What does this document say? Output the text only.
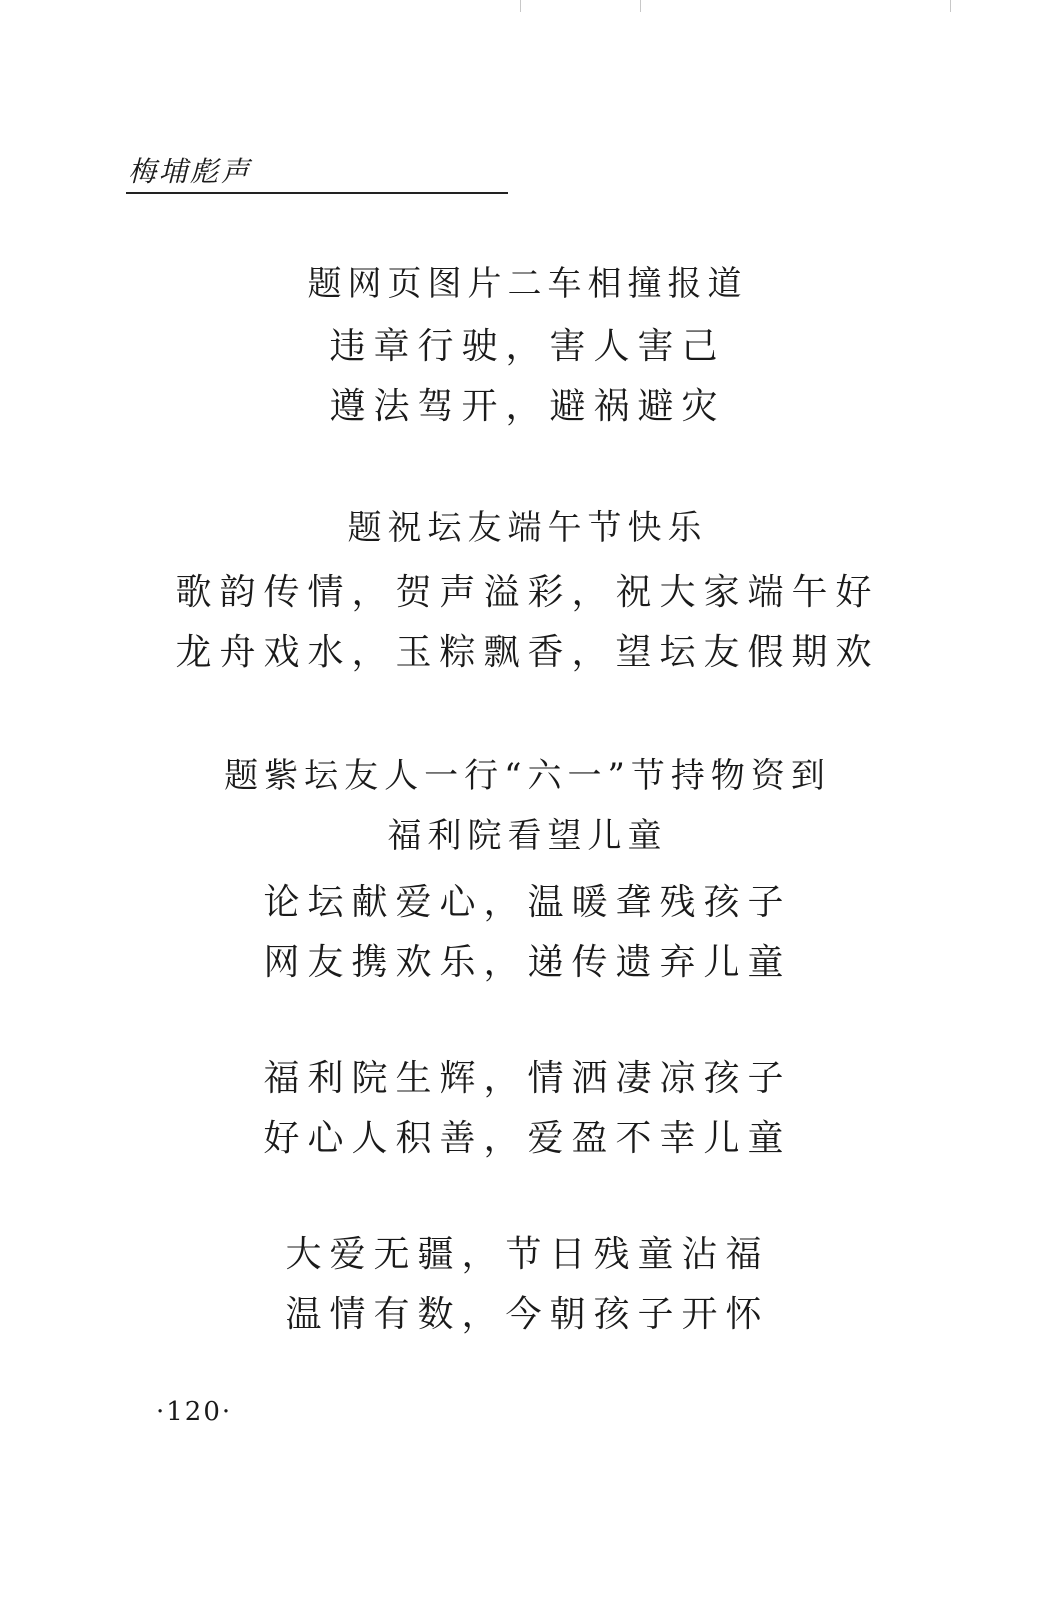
梅埔彪声
题网页图片二车相撞报道
违章行驶，害人害己
遵法驾开，避祸避灾
题祝坛友端午节快乐
歌韵传情，贺声溢彩，祝大家端午好
龙舟戏水，玉粽飘香，望坛友假期欢
题紫坛友人一行“六一”节持物资到
福利院看望儿童
论坛献爱心，温暖聋残孩子
网友携欢乐，递传遗弃儿童
福利院生辉，情洒凄凉孩子
好心人积善，爱盈不幸儿童
大爱无疆，节日残童沾福
温情有数，今朝孩子开怀
·120·
